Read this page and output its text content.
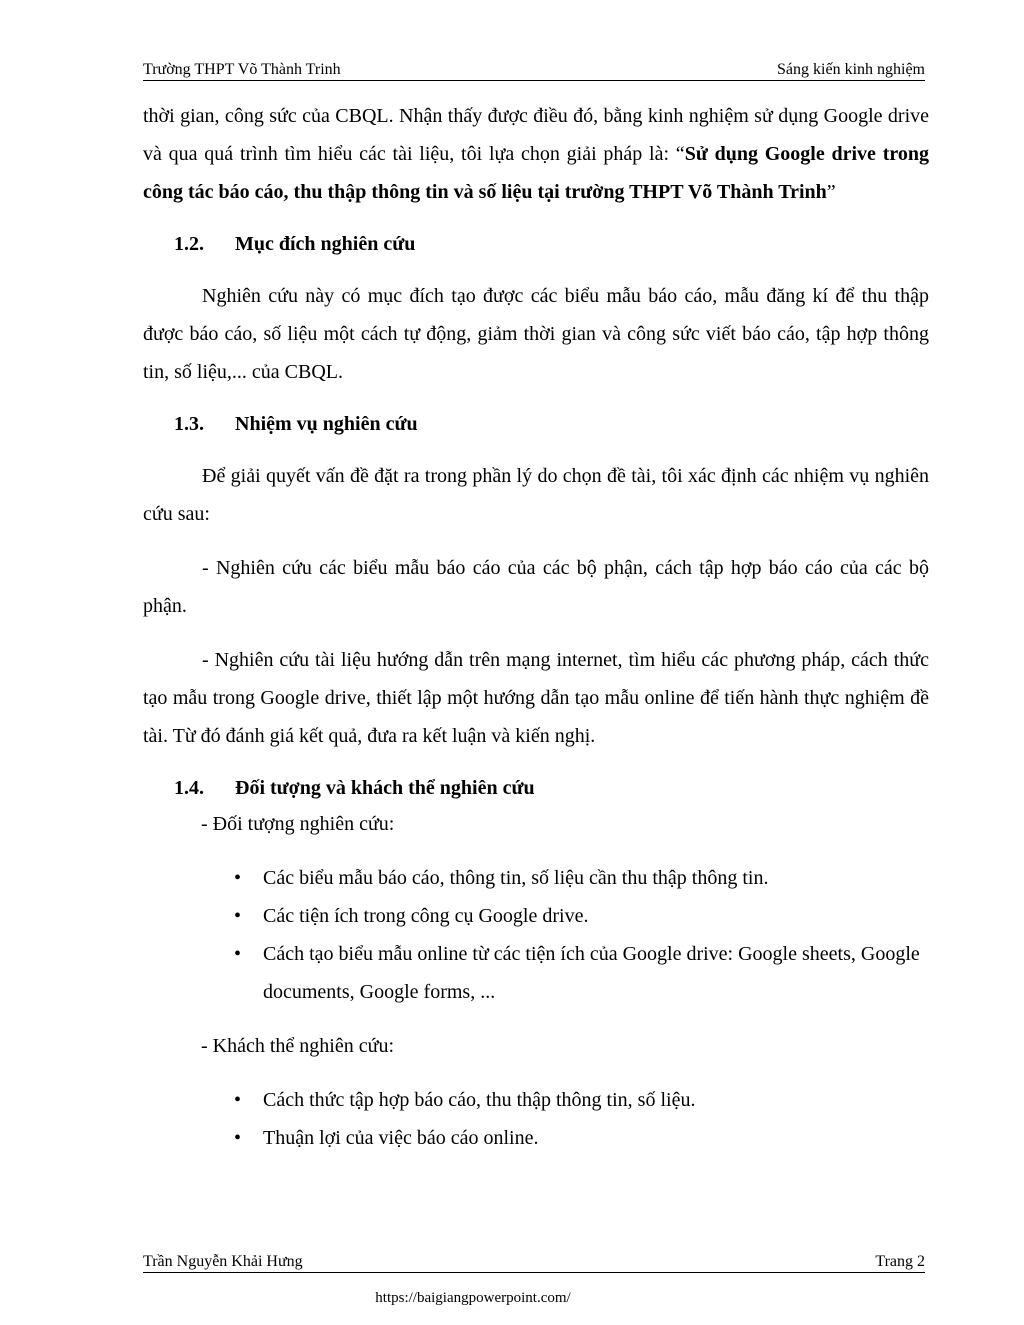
Trường THPT Võ Thành Trinh	Sáng kiến kinh nghiệm

thời gian, công sức của CBQL. Nhận thấy được điều đó, bằng kinh nghiệm sử dụng Google drive và qua quá trình tìm hiểu các tài liệu, tôi lựa chọn giải pháp là: “Sử dụng Google drive trong công tác báo cáo, thu thập thông tin và số liệu tại trường THPT Võ Thành Trinh”

1.2. Mục đích nghiên cứu

Nghiên cứu này có mục đích tạo được các biểu mẫu báo cáo, mẫu đăng kí để thu thập được báo cáo, số liệu một cách tự động, giảm thời gian và công sức viết báo cáo, tập hợp thông tin, số liệu,... của CBQL.

1.3. Nhiệm vụ nghiên cứu

Để giải quyết vấn đề đặt ra trong phần lý do chọn đề tài, tôi xác định các nhiệm vụ nghiên cứu sau:

- Nghiên cứu các biểu mẫu báo cáo của các bộ phận, cách tập hợp báo cáo của các bộ phận.

- Nghiên cứu tài liệu hướng dẫn trên mạng internet, tìm hiểu các phương pháp, cách thức tạo mẫu trong Google drive, thiết lập một hướng dẫn tạo mẫu online để tiến hành thực nghiệm đề tài. Từ đó đánh giá kết quả, đưa ra kết luận và kiến nghị.

1.4. Đối tượng và khách thể nghiên cứu
- Đối tượng nghiên cứu:
• Các biểu mẫu báo cáo, thông tin, số liệu cần thu thập thông tin.
• Các tiện ích trong công cụ Google drive.
• Cách tạo biểu mẫu online từ các tiện ích của Google drive: Google sheets, Google documents, Google forms, ...
- Khách thể nghiên cứu:
• Cách thức tập hợp báo cáo, thu thập thông tin, số liệu.
• Thuận lợi của việc báo cáo online.
Trần Nguyễn Khải Hưng	Trang 2
https://baigiangpowerpoint.com/
